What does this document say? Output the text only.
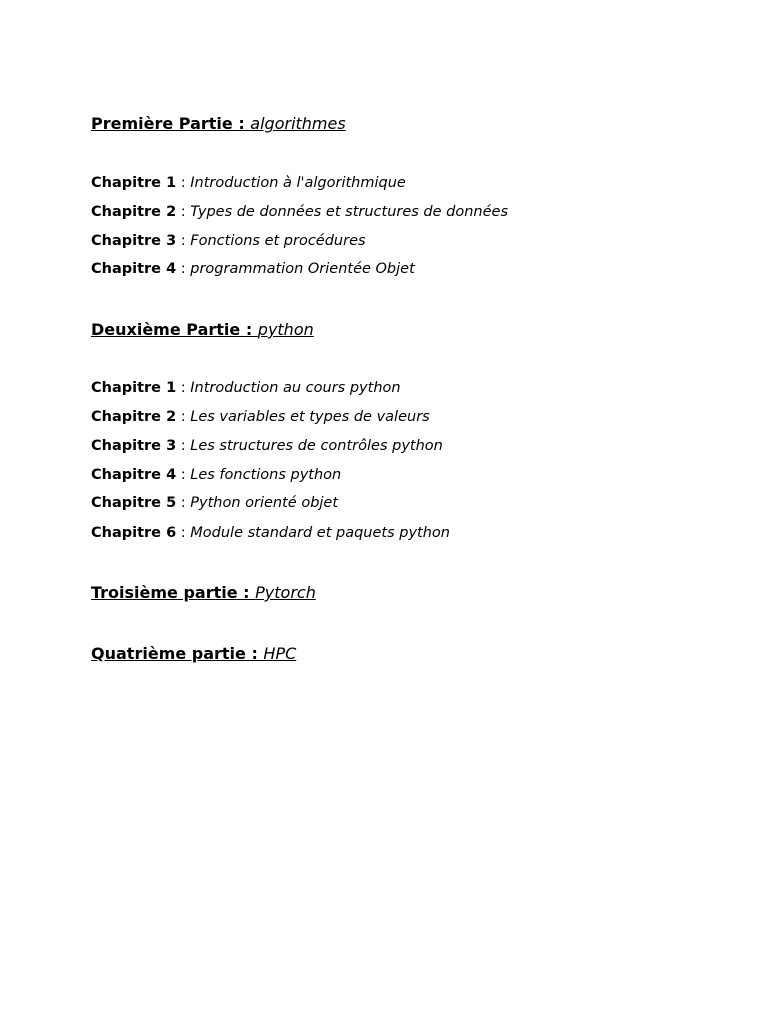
Première Partie : algorithmes
Chapitre 1 : Introduction à l'algorithmique
Chapitre 2 : Types de données et structures de données
Chapitre 3 : Fonctions et procédures
Chapitre 4 : programmation Orientée Objet
Deuxième Partie : python
Chapitre 1 : Introduction au cours python
Chapitre 2 : Les variables et types de valeurs
Chapitre 3 : Les structures de contrôles python
Chapitre 4 : Les fonctions python
Chapitre 5 : Python orienté objet
Chapitre 6 : Module standard et paquets python
Troisième partie : Pytorch
Quatrième partie : HPC
